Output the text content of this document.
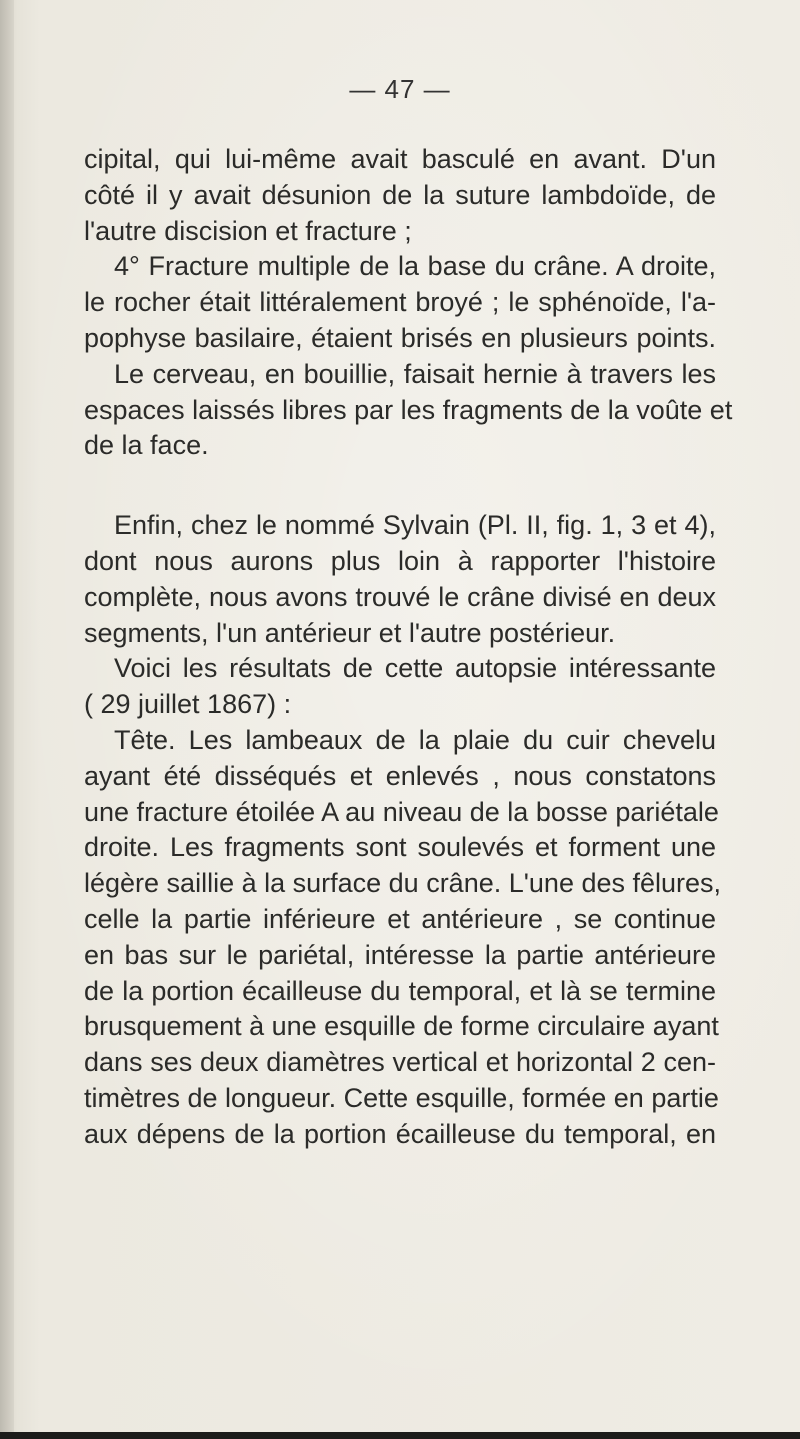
— 47 —
cipital, qui lui-même avait basculé en avant. D'un
côté il y avait désunion de la suture lambdoïde, de
l'autre discision et fracture ;
4° Fracture multiple de la base du crâne. A droite,
le rocher était littéralement broyé ; le sphénoïde, l'a-
pophyse basilaire, étaient brisés en plusieurs points.
Le cerveau, en bouillie, faisait hernie à travers les
espaces laissés libres par les fragments de la voûte et
de la face.
Enfin, chez le nommé Sylvain (Pl. II, fig. 1, 3 et 4),
dont nous aurons plus loin à rapporter l'histoire
complète, nous avons trouvé le crâne divisé en deux
segments, l'un antérieur et l'autre postérieur.
Voici les résultats de cette autopsie intéressante
( 29 juillet 1867) :
Tête. Les lambeaux de la plaie du cuir chevelu
ayant été disséqués et enlevés , nous constatons
une fracture étoilée A au niveau de la bosse pariétale
droite. Les fragments sont soulevés et forment une
légère saillie à la surface du crâne. L'une des fêlures,
celle la partie inférieure et antérieure , se continue
en bas sur le pariétal, intéresse la partie antérieure
de la portion écailleuse du temporal, et là se termine
brusquement à une esquille de forme circulaire ayant
dans ses deux diamètres vertical et horizontal 2 cen-
timètres de longueur. Cette esquille, formée en partie
aux dépens de la portion écailleuse du temporal, en
